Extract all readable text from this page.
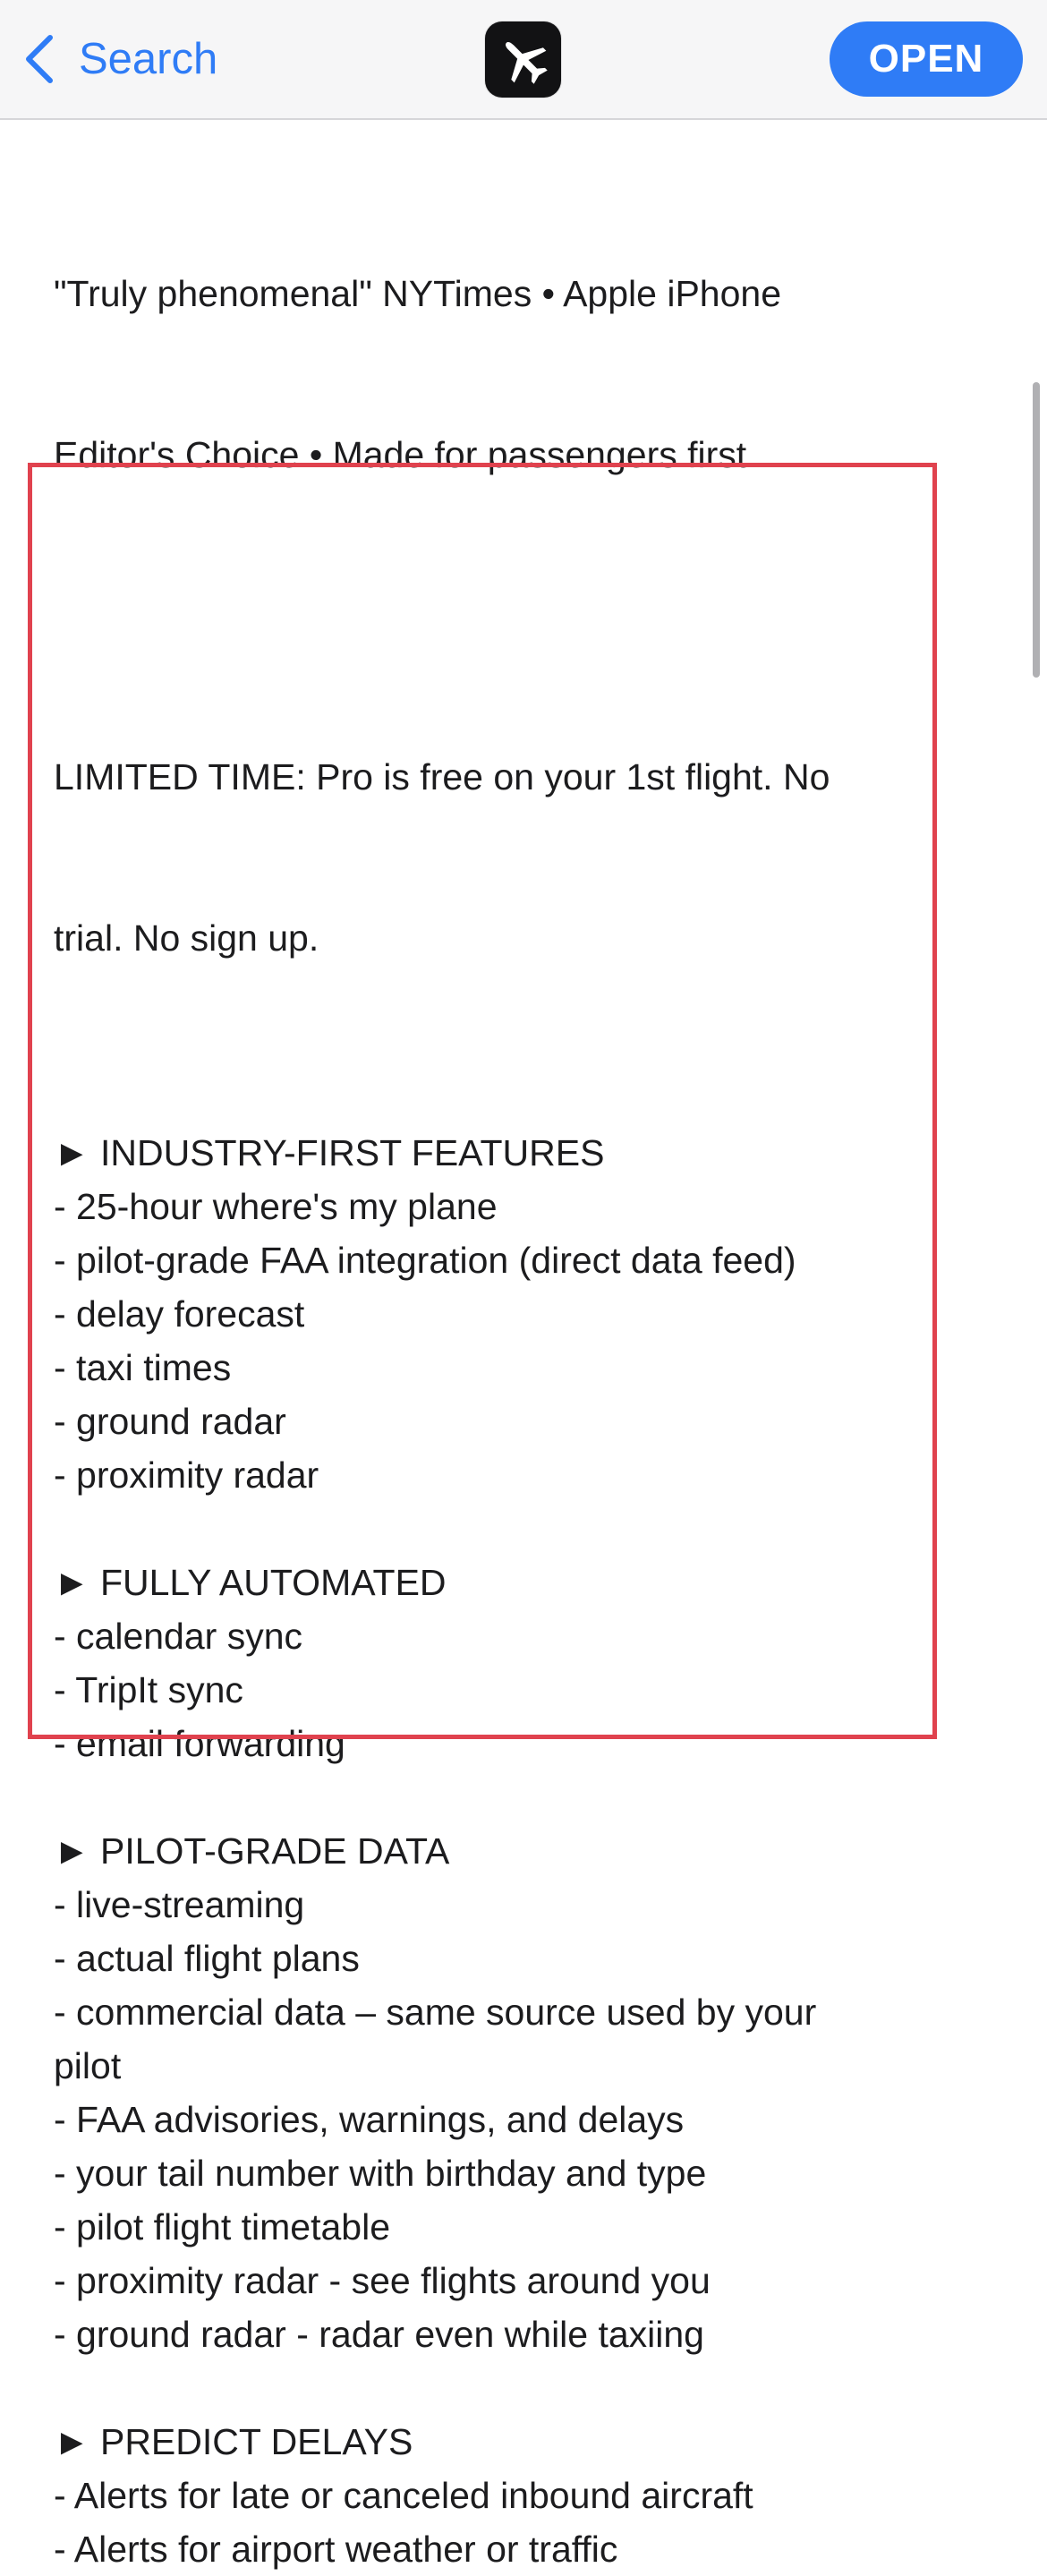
Search	OPEN

"Truly phenomenal" NYTimes • Apple iPhone

Editor's Choice • Made for passengers first

LIMITED TIME: Pro is free on your 1st flight. No

trial. No sign up.

► INDUSTRY-FIRST FEATURES
- 25-hour where's my plane
- pilot-grade FAA integration (direct data feed)
- delay forecast
- taxi times
- ground radar
- proximity radar
► FULLY AUTOMATED
- calendar sync
- TripIt sync
- email forwarding
► PILOT-GRADE DATA
- live-streaming
- actual flight plans
- commercial data – same source used by your
pilot
- FAA advisories, warnings, and delays
- your tail number with birthday and type
- pilot flight timetable
- proximity radar - see flights around you
- ground radar - radar even while taxiing
► PREDICT DELAYS
- Alerts for late or canceled inbound aircraft
- Alerts for airport weather or traffic
